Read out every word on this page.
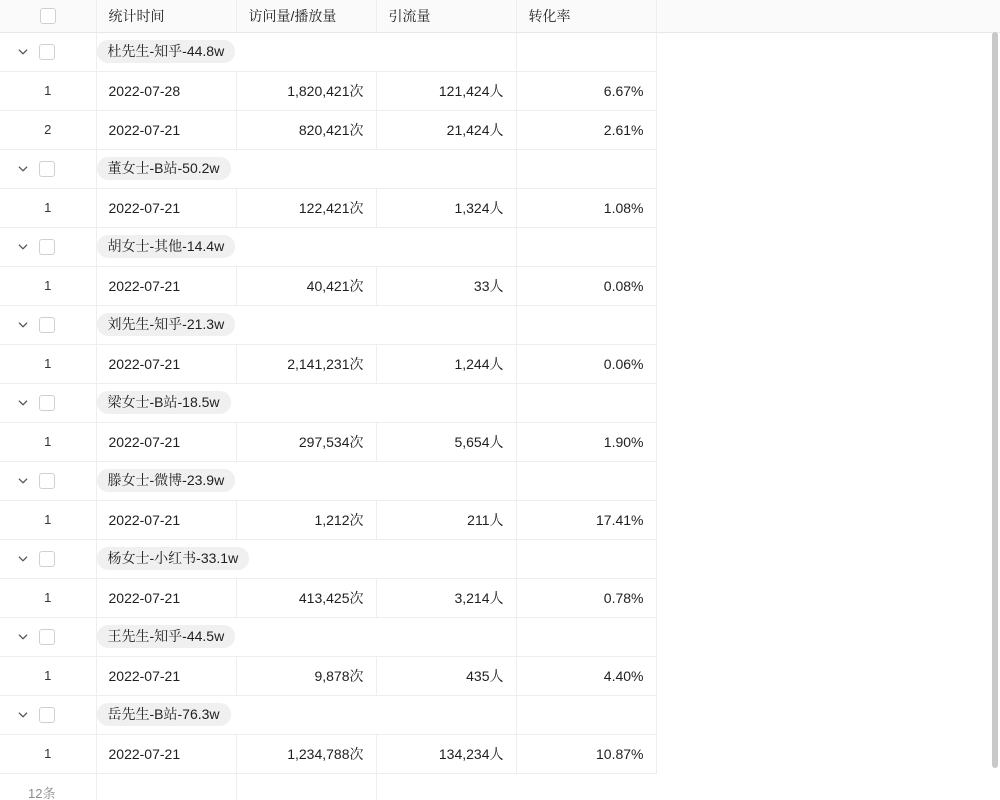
	统计时间	访问量/播放量	引流量	转化率	

	杜先生-知乎-44.8w				
1	2022-07-28	1,820,421次	121,424人	6.67%	
2	2022-07-21	820,421次	21,424人	2.61%	

	董女士-B站-50.2w				
1	2022-07-21	122,421次	1,324人	1.08%	

	胡女士-其他-14.4w				
1	2022-07-21	40,421次	33人	0.08%	

	刘先生-知乎-21.3w				
1	2022-07-21	2,141,231次	1,244人	0.06%	

	梁女士-B站-18.5w				
1	2022-07-21	297,534次	5,654人	1.90%	

	滕女士-微博-23.9w				
1	2022-07-21	1,212次	211人	17.41%	

	杨女士-小红书-33.1w				
1	2022-07-21	413,425次	3,214人	0.78%	

	王先生-知乎-44.5w				
1	2022-07-21	9,878次	435人	4.40%	

	岳先生-B站-76.3w				
1	2022-07-21	1,234,788次	134,234人	10.87%	
12条					
